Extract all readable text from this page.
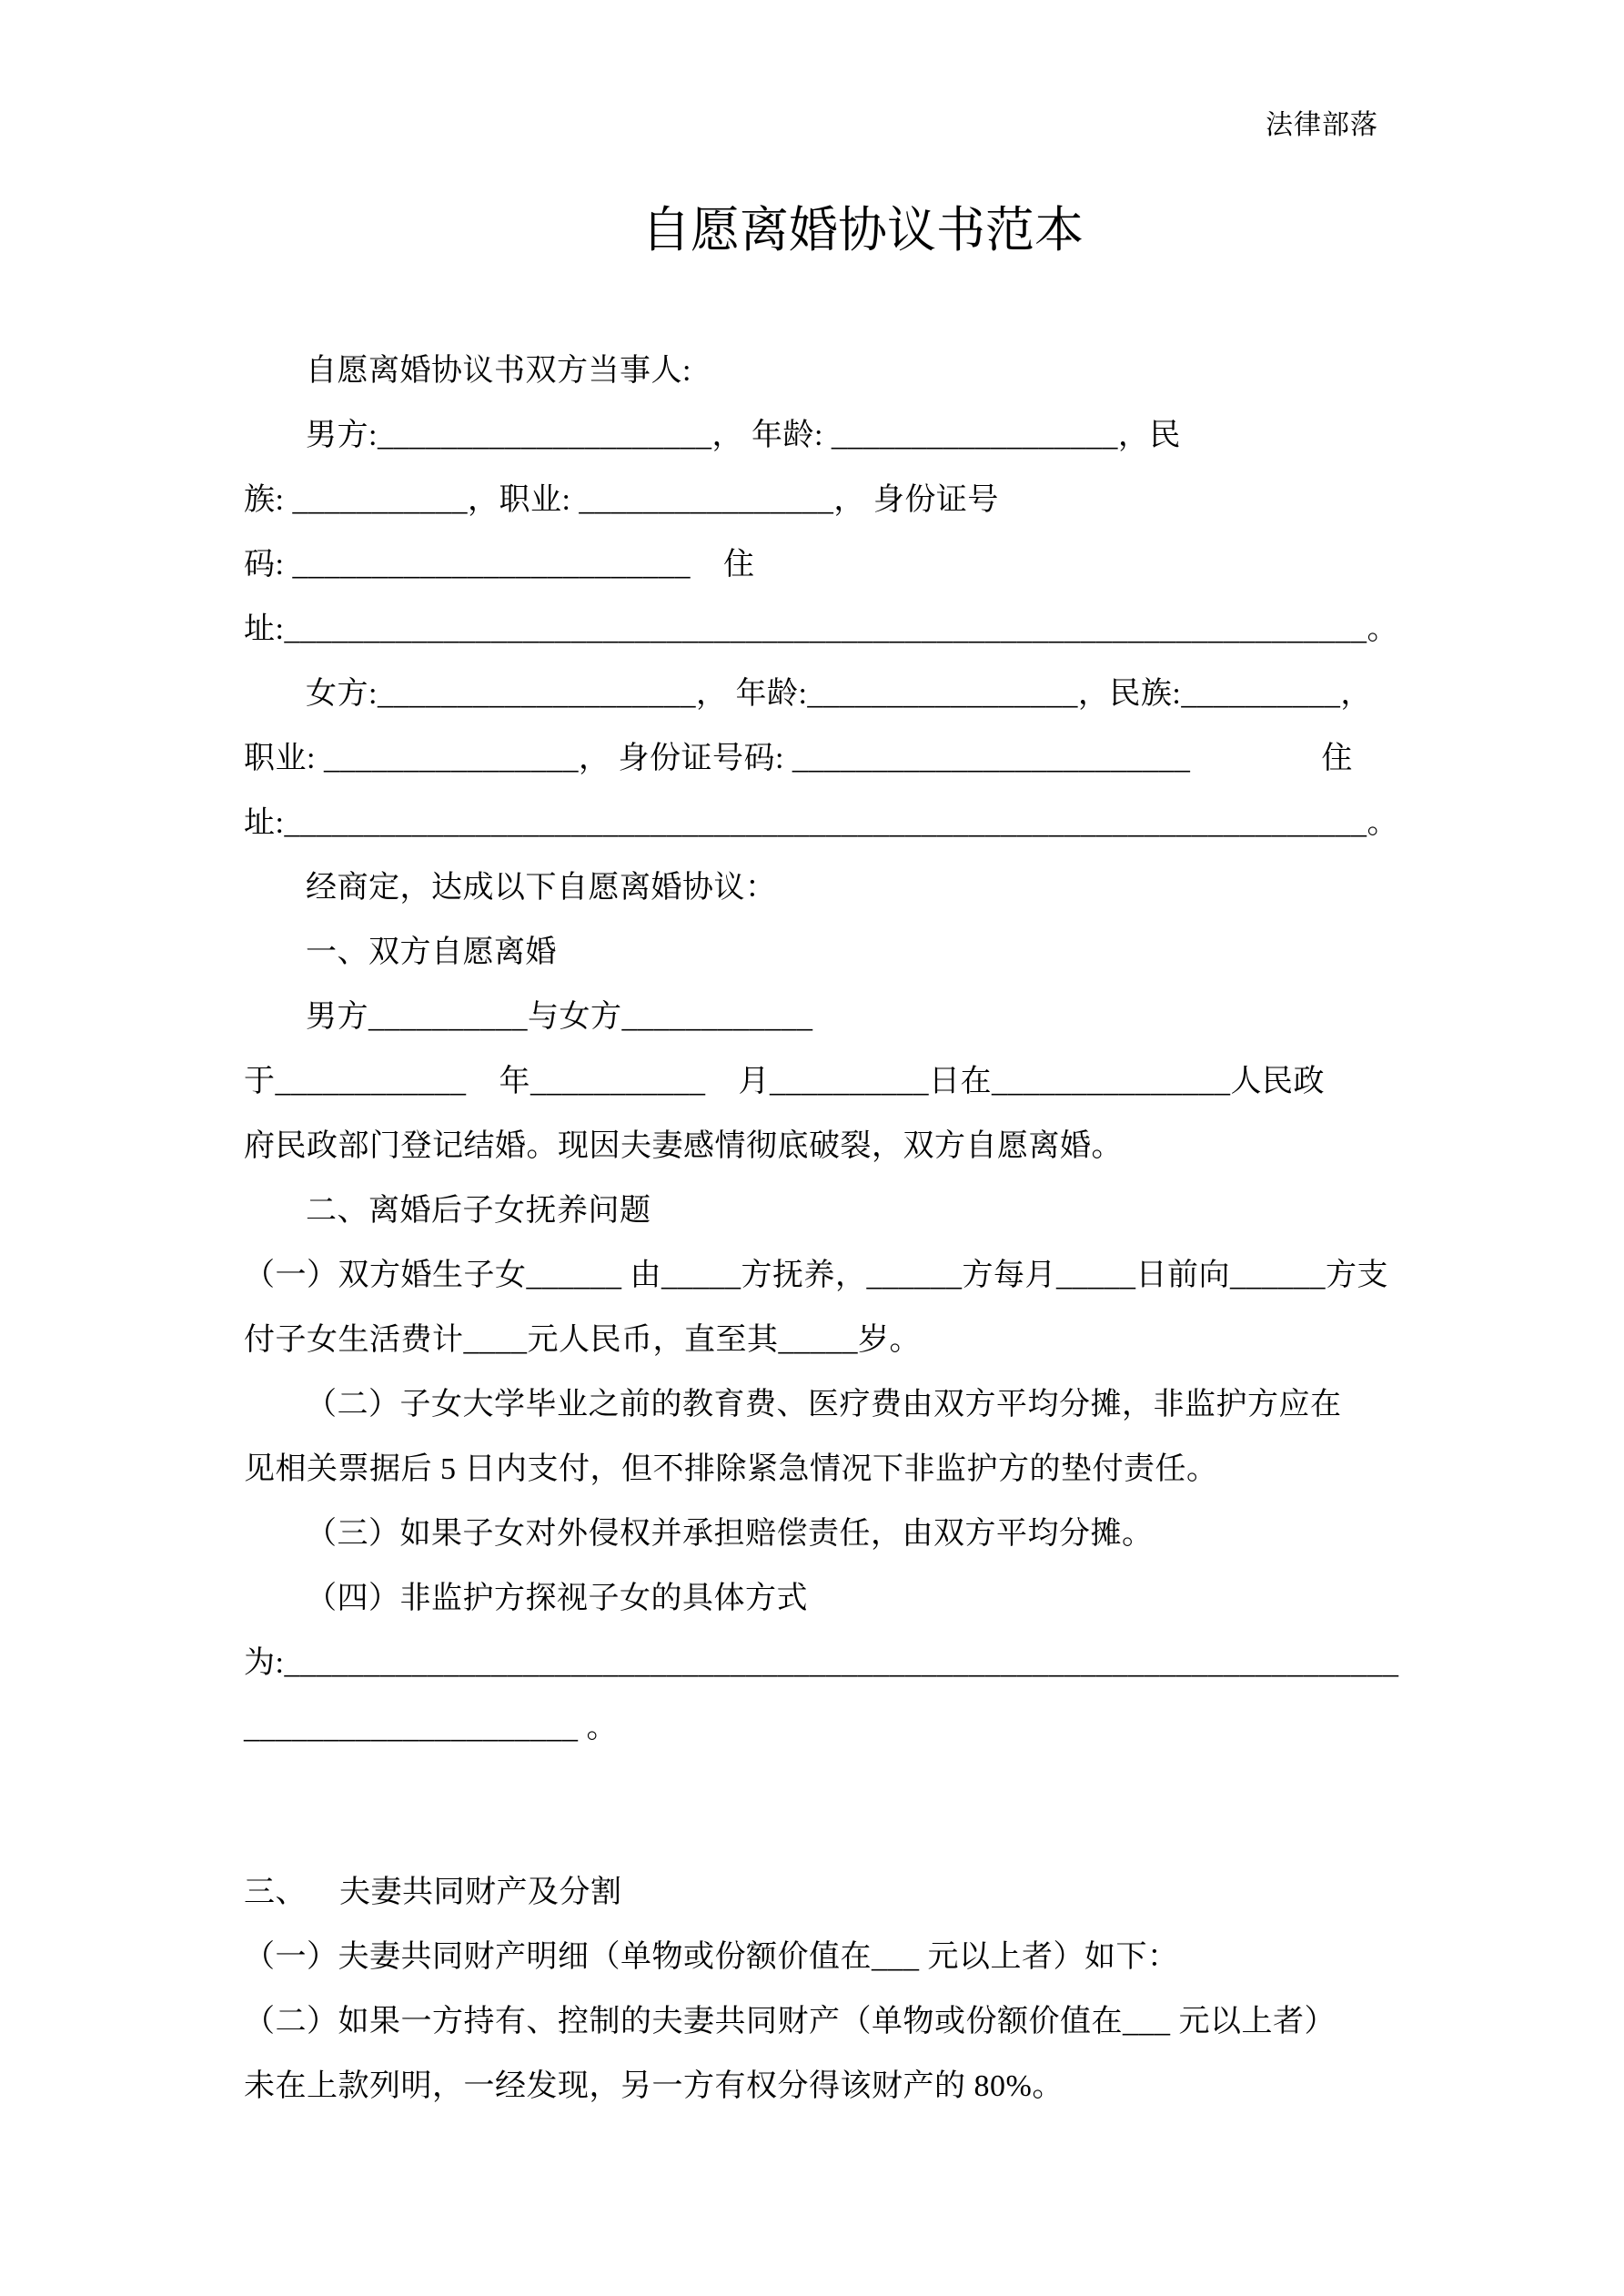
法律部落
自愿离婚协议书范本
自愿离婚协议书双方当事人:
男方:_____________________， 年龄: __________________，民
族: ___________，职业: ________________， 身份证号
码: _________________________    住
址:____________________________________________________________________。
女方:____________________， 年龄:_________________，民族:__________，
职业: ________________， 身份证号码: _________________________                住
址:____________________________________________________________________。
经商定，达成以下自愿离婚协议：
一、双方自愿离婚
男方__________与女方____________
于____________    年___________    月__________日在_______________人民政
府民政部门登记结婚。现因夫妻感情彻底破裂，双方自愿离婚。
二、离婚后子女抚养问题
（一）双方婚生子女______ 由_____方抚养，______方每月_____日前向______方支
付子女生活费计____元人民币，直至其_____岁。
（二）子女大学毕业之前的教育费、医疗费由双方平均分摊，非监护方应在
见相关票据后 5 日内支付，但不排除紧急情况下非监护方的垫付责任。
（三）如果子女对外侵权并承担赔偿责任，由双方平均分摊。
（四）非监护方探视子女的具体方式
为:______________________________________________________________________
_____________________ 。
三、    夫妻共同财产及分割
（一）夫妻共同财产明细（单物或份额价值在___ 元以上者）如下：
（二）如果一方持有、控制的夫妻共同财产（单物或份额价值在___ 元以上者）
未在上款列明，一经发现，另一方有权分得该财产的 80%。
